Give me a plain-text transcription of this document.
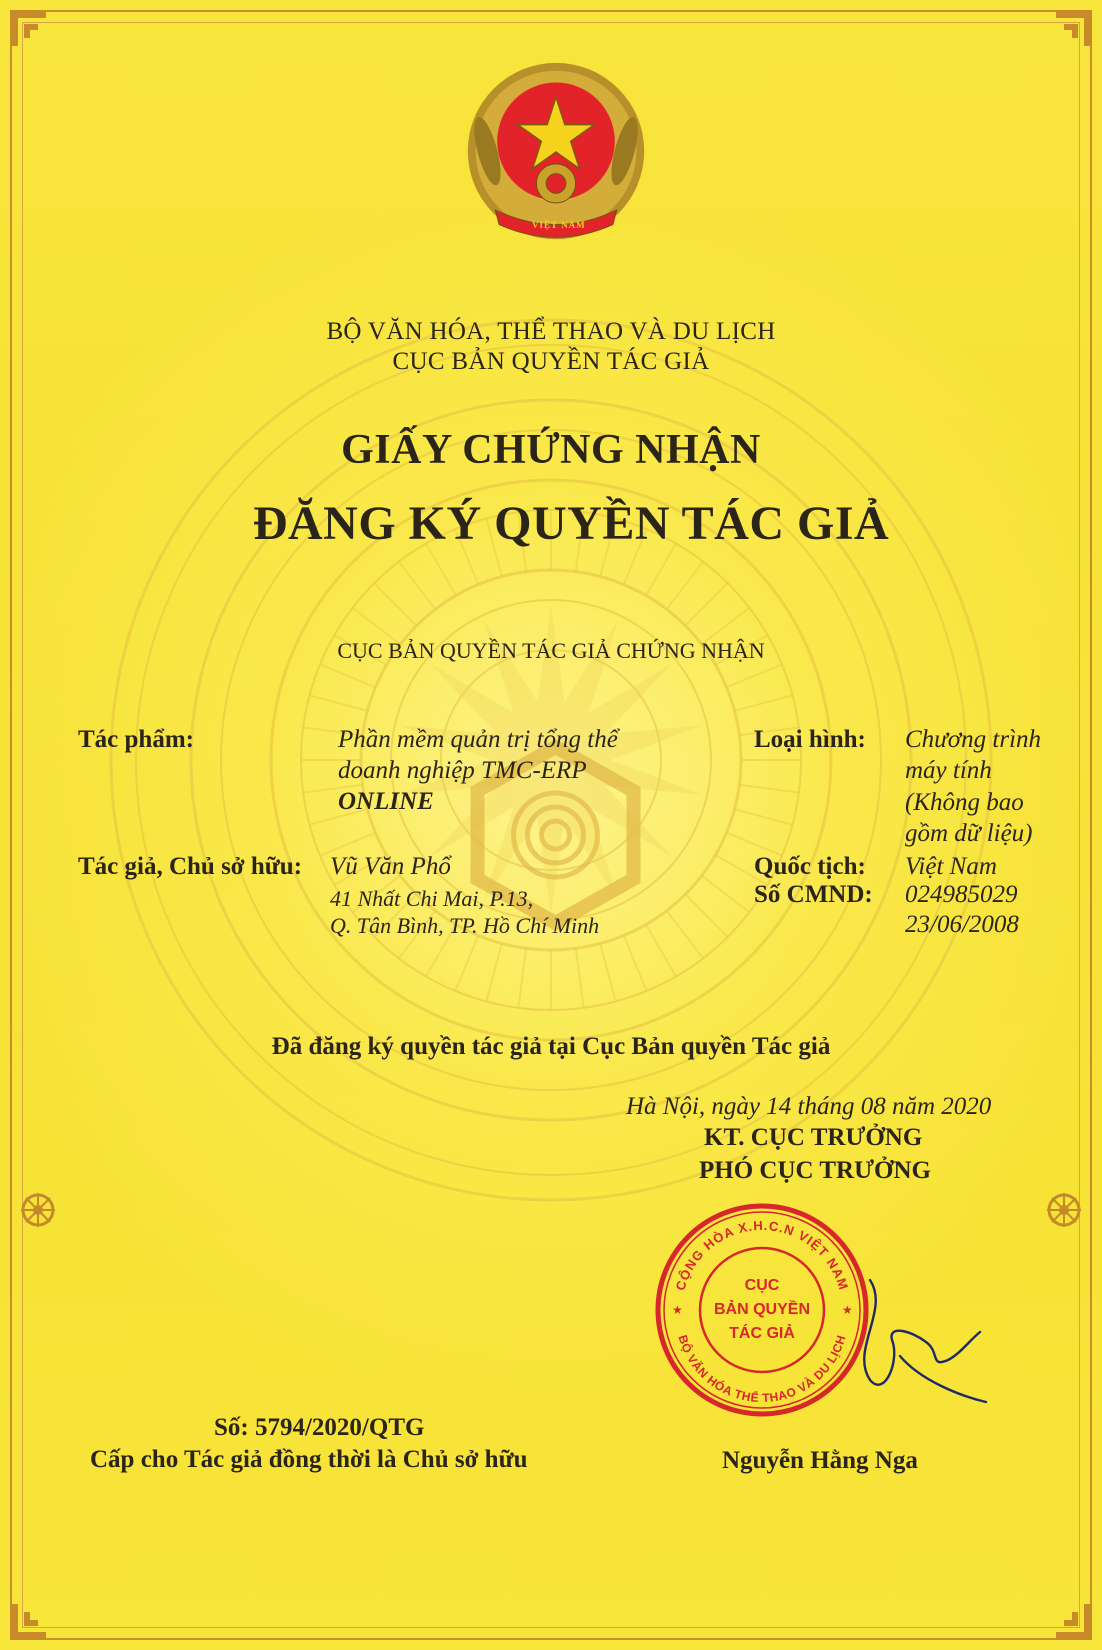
VIỆT NAM
BỘ VĂN HÓA, THỂ THAO VÀ DU LỊCH
CỤC BẢN QUYỀN TÁC GIẢ
GIẤY CHỨNG NHẬN
ĐĂNG KÝ QUYỀN TÁC GIẢ
CỤC BẢN QUYỀN TÁC GIẢ CHỨNG NHẬN
Tác phẩm:	Phần mềm quản trị tổng thể
doanh nghiệp TMC-ERP
ONLINE
Loại hình: Chương trình
máy tính
(Không bao
gồm dữ liệu)
Tác giả, Chủ sở hữu: Vũ Văn Phổ
41 Nhất Chi Mai, P.13,
Q. Tân Bình, TP. Hồ Chí Minh
Quốc tịch: Việt Nam
Số CMND: 024985029
23/06/2008
Đã đăng ký quyền tác giả tại Cục Bản quyền Tác giả
Hà Nội, ngày 14 tháng 08 năm 2020
KT. CỤC TRƯỞNG
PHÓ CỤC TRƯỞNG
CỘNG HÒA X.H.C.N VIỆT NAM
BỘ VĂN HÓA THỂ THAO VÀ DU LỊCH
CỤC
BẢN QUYỀN
TÁC GIẢ
★	★
Nguyễn Hằng Nga
Số: 5794/2020/QTG
Cấp cho Tác giả đồng thời là Chủ sở hữu
